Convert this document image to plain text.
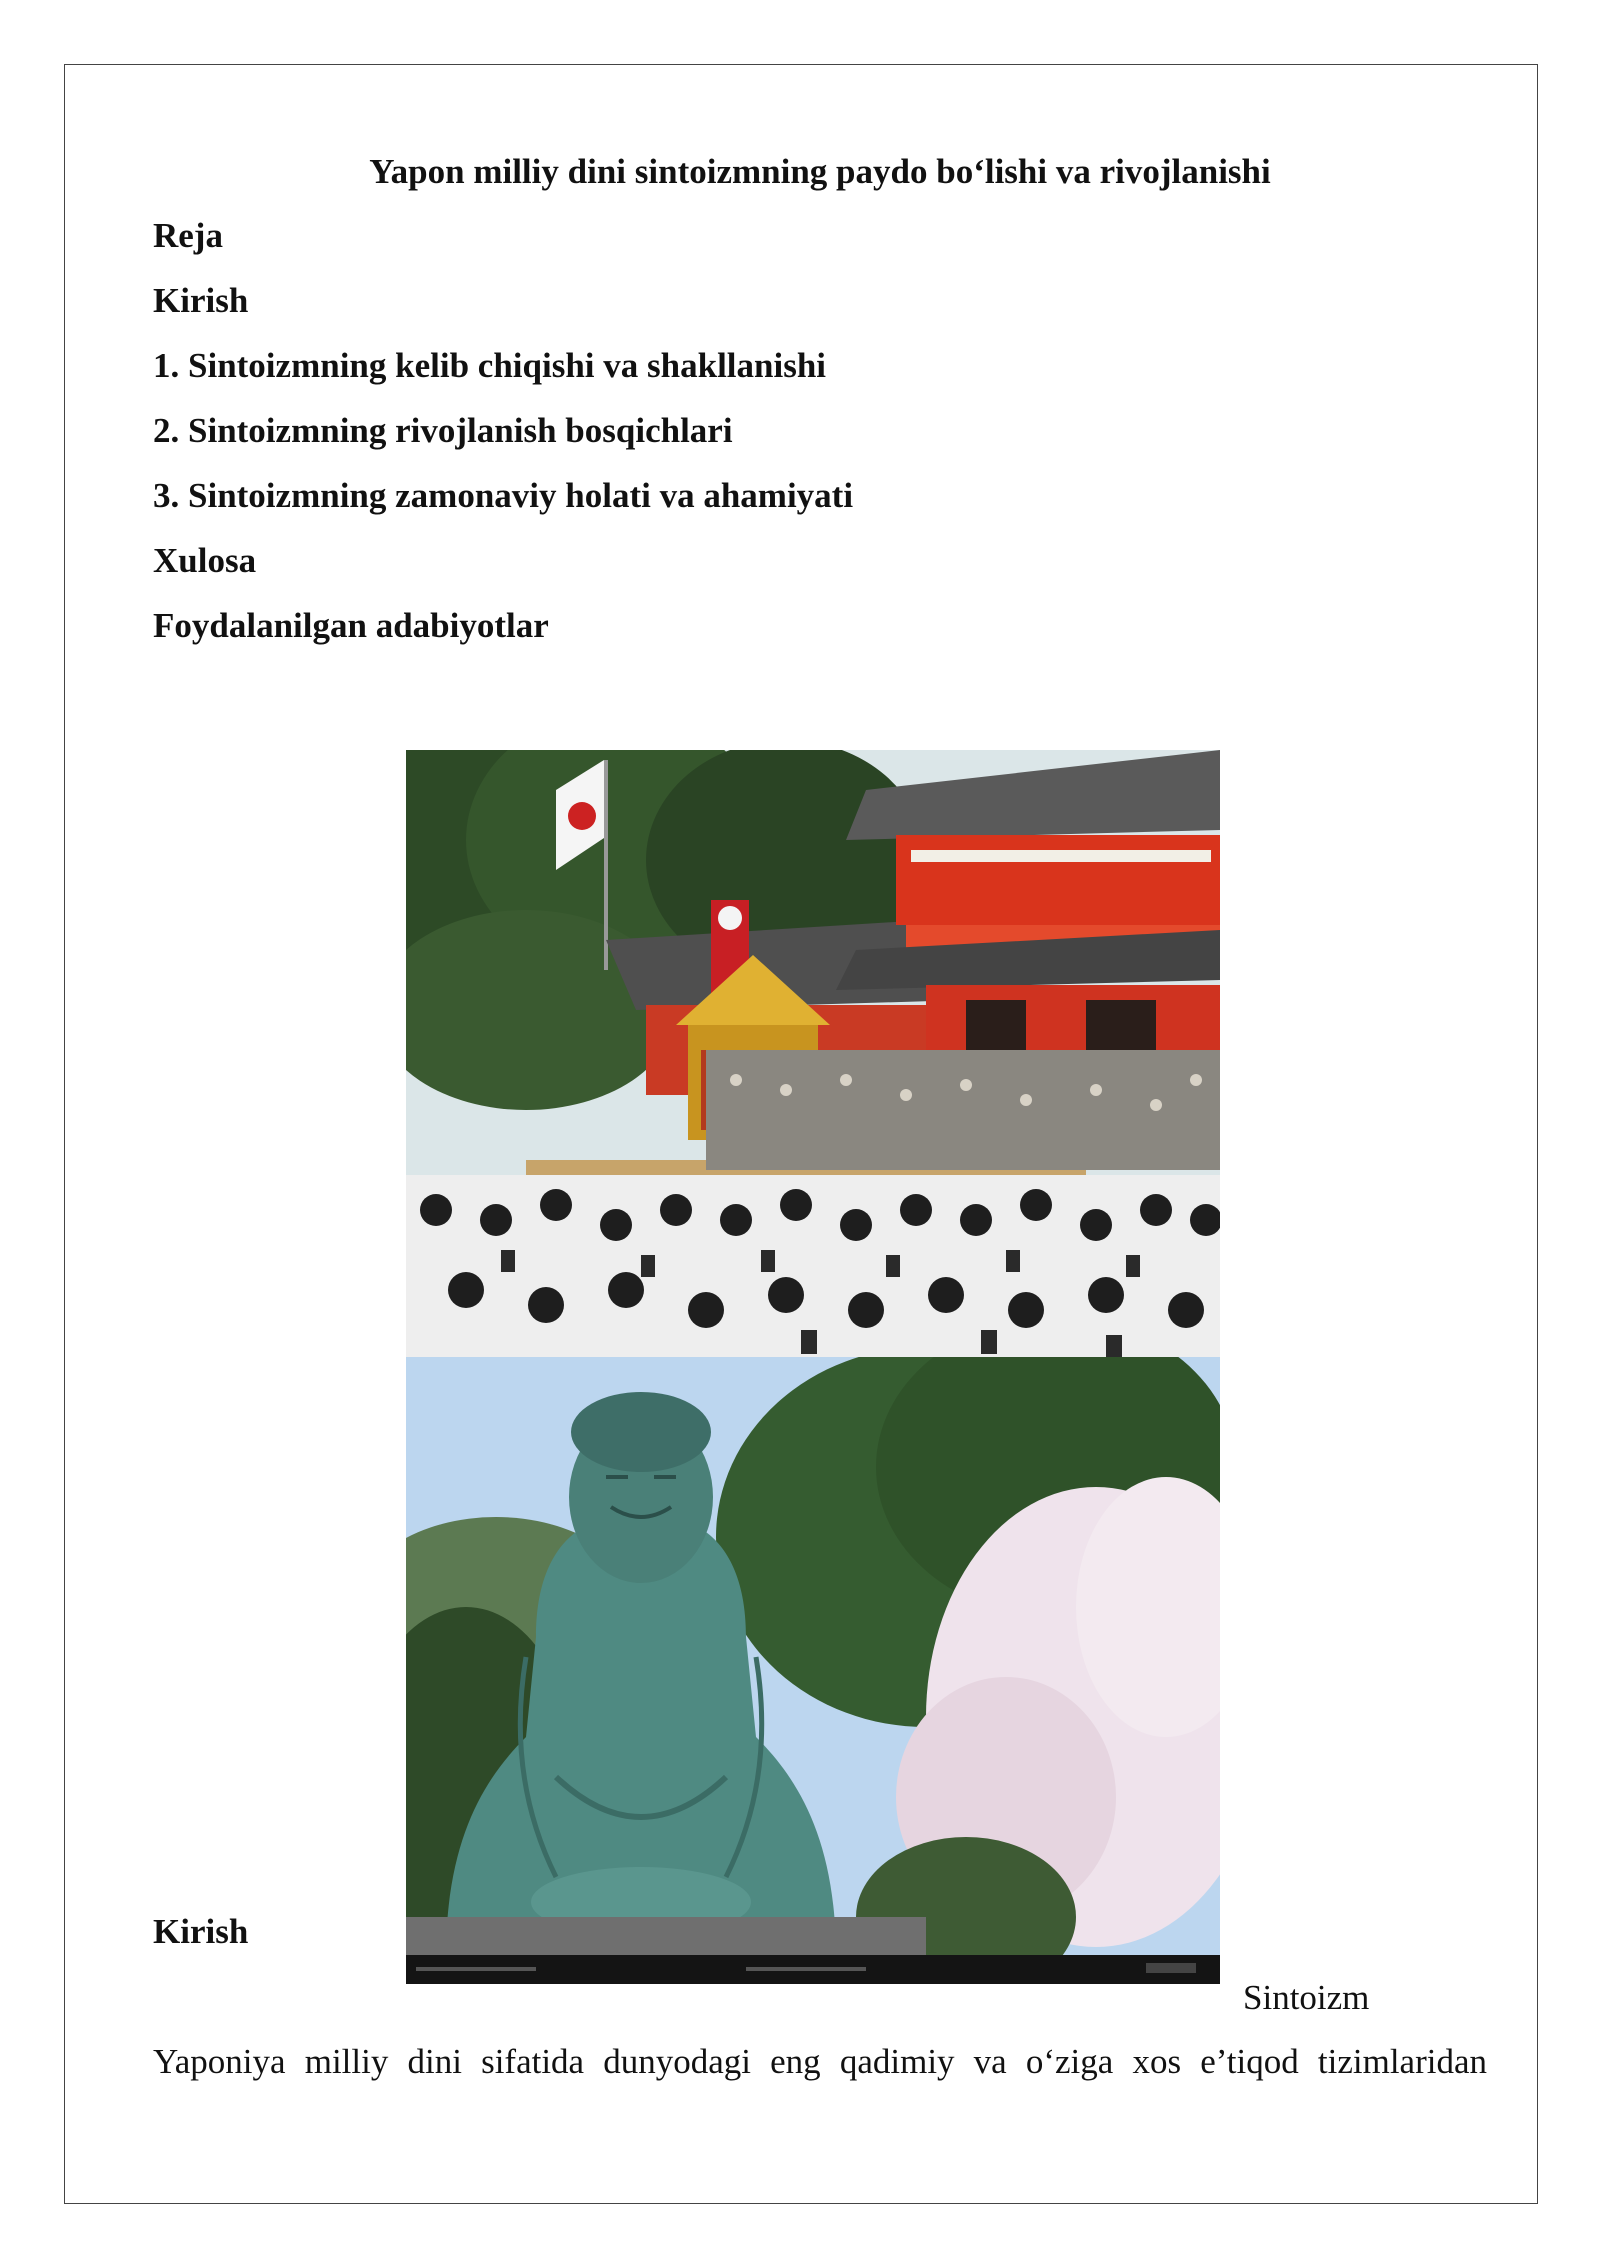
Yapon milliy dini sintoizmning paydo bo‘lishi va rivojlanishi
Reja
Kirish
1. Sintoizmning kelib chiqishi va shakllanishi
2. Sintoizmning rivojlanish bosqichlari
3. Sintoizmning zamonaviy holati va ahamiyati
Xulosa
Foydalanilgan adabiyotlar
Kirish
Sintoizm
Yaponiya milliy dini sifatida dunyodagi eng qadimiy va o‘ziga xos e’tiqod tizimlaridan
